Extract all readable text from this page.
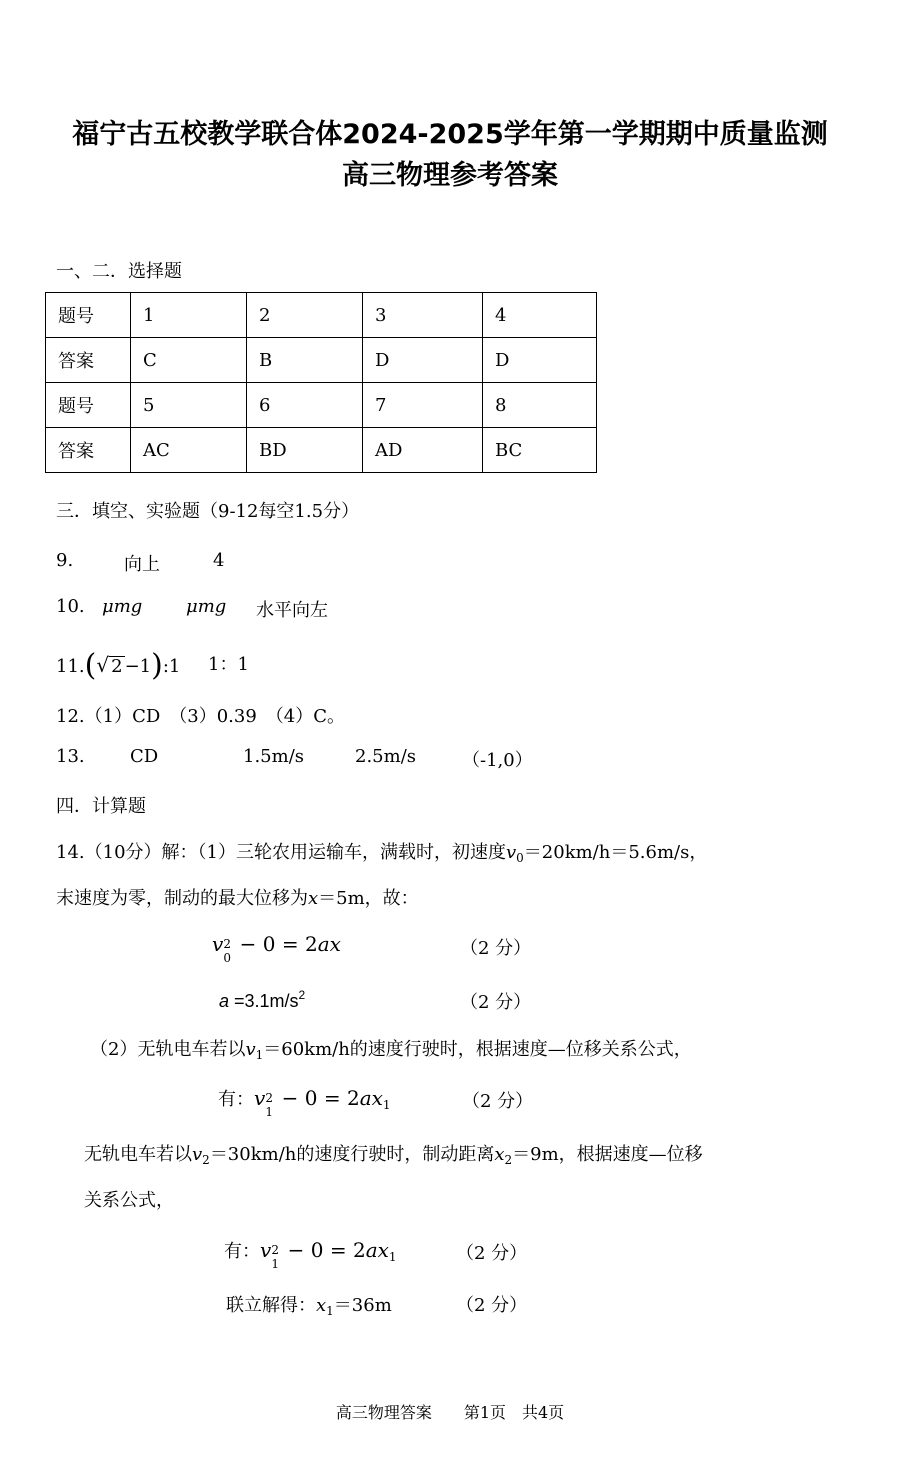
福宁古五校教学联合体2024-2025学年第一学期期中质量监测
高三物理参考答案
一、二．选择题
题号	1	2	3	4
答案	C	B	D	D
题号	5	6	7	8
答案	AC	BD	AD	BC
三．填空、实验题（9-12每空1.5分）
9.	向上	4
10. μmg μmg 水平向左
11.(√ 2 −1):1 1：1
12.（1）CD　（3）0.39　（4）C。
13.	CD	1.5m/s	2.5m/s	（-1,0）
四．计算题
14.（10分）解：（1）三轮农用运输车，满载时，初速度$v_0=20km/h=5.6m/s$，
末速度为零，制动的最大位移为x＝5m，故：
v 2
0
− 0 = 2ax	（2 分）
$a =3.1m/s^2$	（2 分）
（2）无轨电车若以$v_1=60km/h$的速度行驶时，根据速度—位移关系公式，
有：v 2
1
− $0 = 2ax_1$	（2 分）
无轨电车若以$v_2=30km/h$的速度行驶时，制动距离$x_2=9m$，根据速度—位移
关系公式，
有：v 2
1
− $0 = 2ax_1$	（2 分）
联立解得：$x_1=36m$	（2 分）
高三物理答案　　第1页　共4页
